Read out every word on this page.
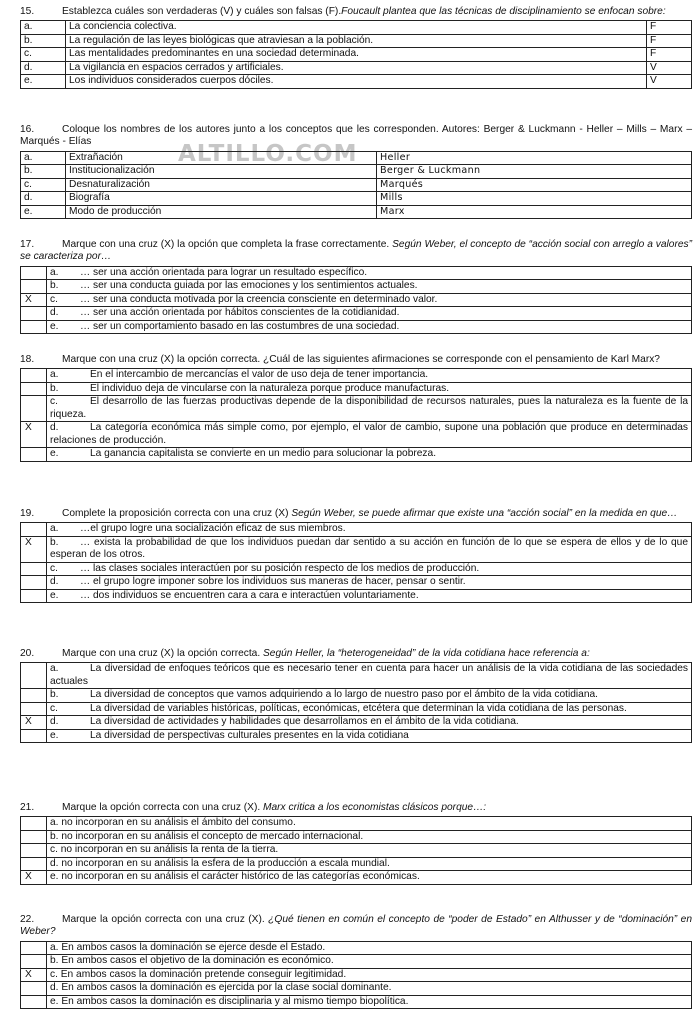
ALTILLO.COM
15.	Establezca cuáles son verdaderas (V) y cuáles son falsas (F).Foucault plantea que las técnicas de disciplinamiento se enfocan sobre:
a.	La conciencia colectiva.	F
b.	La regulación de las leyes biológicas que atraviesan a la población.	F
c.	Las mentalidades predominantes en una sociedad determinada.	F
d.	La vigilancia en espacios cerrados y artificiales.	V
e.	Los individuos considerados cuerpos dóciles.	V
16.	Coloque los nombres de los autores junto a los conceptos que les corresponden. Autores: Berger & Luckmann - Heller – Mills – Marx –Marqués - Elías
a.	Extrañación	Heller
b.	Institucionalización	Berger & Luckmann
c.	Desnaturalización	Marqués
d.	Biografía	Mills
e.	Modo de producción	Marx
17.	Marque con una cruz (X) la opción que completa la frase correctamente. Según Weber, el concepto de “acción social con arreglo a valores” se caracteriza por…
	a. … ser una acción orientada para lograr un resultado específico.
	b. … ser una conducta guiada por las emociones y los sentimientos actuales.
X	c. … ser una conducta motivada por la creencia consciente en determinado valor.
	d. … ser una acción orientada por hábitos conscientes de la cotidianidad.
	e. … ser un comportamiento basado en las costumbres de una sociedad.
18.	Marque con una cruz (X) la opción correcta. ¿Cuál de las siguientes afirmaciones se corresponde con el pensamiento de Karl Marx?
	a. En el intercambio de mercancías el valor de uso deja de tener importancia.
	b. El individuo deja de vincularse con la naturaleza porque produce manufacturas.
	c. El desarrollo de las fuerzas productivas depende de la disponibilidad de recursos naturales, pues la naturaleza es la fuente de la riqueza.
X	d. La categoría económica más simple como, por ejemplo, el valor de cambio, supone una población que produce en determinadas relaciones de producción.
	e. La ganancia capitalista se convierte en un medio para solucionar la pobreza.
19.	Complete la proposición correcta con una cruz (X) Según Weber, se puede afirmar que existe una “acción social” en la medida en que…
	a. …el grupo logre una socialización eficaz de sus miembros.
X	b. … exista la probabilidad de que los individuos puedan dar sentido a su acción en función de lo que se espera de ellos y de lo que esperan de los otros.
	c. … las clases sociales interactúen por su posición respecto de los medios de producción.
	d. … el grupo logre imponer sobre los individuos sus maneras de hacer, pensar o sentir.
	e. … dos individuos se encuentren cara a cara e interactúen voluntariamente.
20.	Marque con una cruz (X) la opción correcta. Según Heller, la “heterogeneidad” de la vida cotidiana hace referencia a:
	a. La diversidad de enfoques teóricos que es necesario tener en cuenta para hacer un análisis de la vida cotidiana de las sociedades actuales
	b. La diversidad de conceptos que vamos adquiriendo a lo largo de nuestro paso por el ámbito de la vida cotidiana.
	c. La diversidad de variables históricas, políticas, económicas, etcétera que determinan la vida cotidiana de las personas.
X	d. La diversidad de actividades y habilidades que desarrollamos en el ámbito de la vida cotidiana.
	e. La diversidad de perspectivas culturales presentes en la vida cotidiana
21.	Marque la opción correcta con una cruz (X). Marx critica a los economistas clásicos porque…:
	a. no incorporan en su análisis el ámbito del consumo.
	b. no incorporan en su análisis el concepto de mercado internacional.
	c. no incorporan en su análisis la renta de la tierra.
	d. no incorporan en su análisis la esfera de la producción a escala mundial.
X	e. no incorporan en su análisis el carácter histórico de las categorías económicas.
22.	Marque la opción correcta con una cruz (X). ¿Qué tienen en común el concepto de “poder de Estado” en Althusser y de “dominación” en Weber?
	a. En ambos casos la dominación se ejerce desde el Estado.
	b. En ambos casos el objetivo de la dominación es económico.
X	c. En ambos casos la dominación pretende conseguir legitimidad.
	d. En ambos casos la dominación es ejercida por la clase social dominante.
	e. En ambos casos la dominación es disciplinaria y al mismo tiempo biopolítica.
